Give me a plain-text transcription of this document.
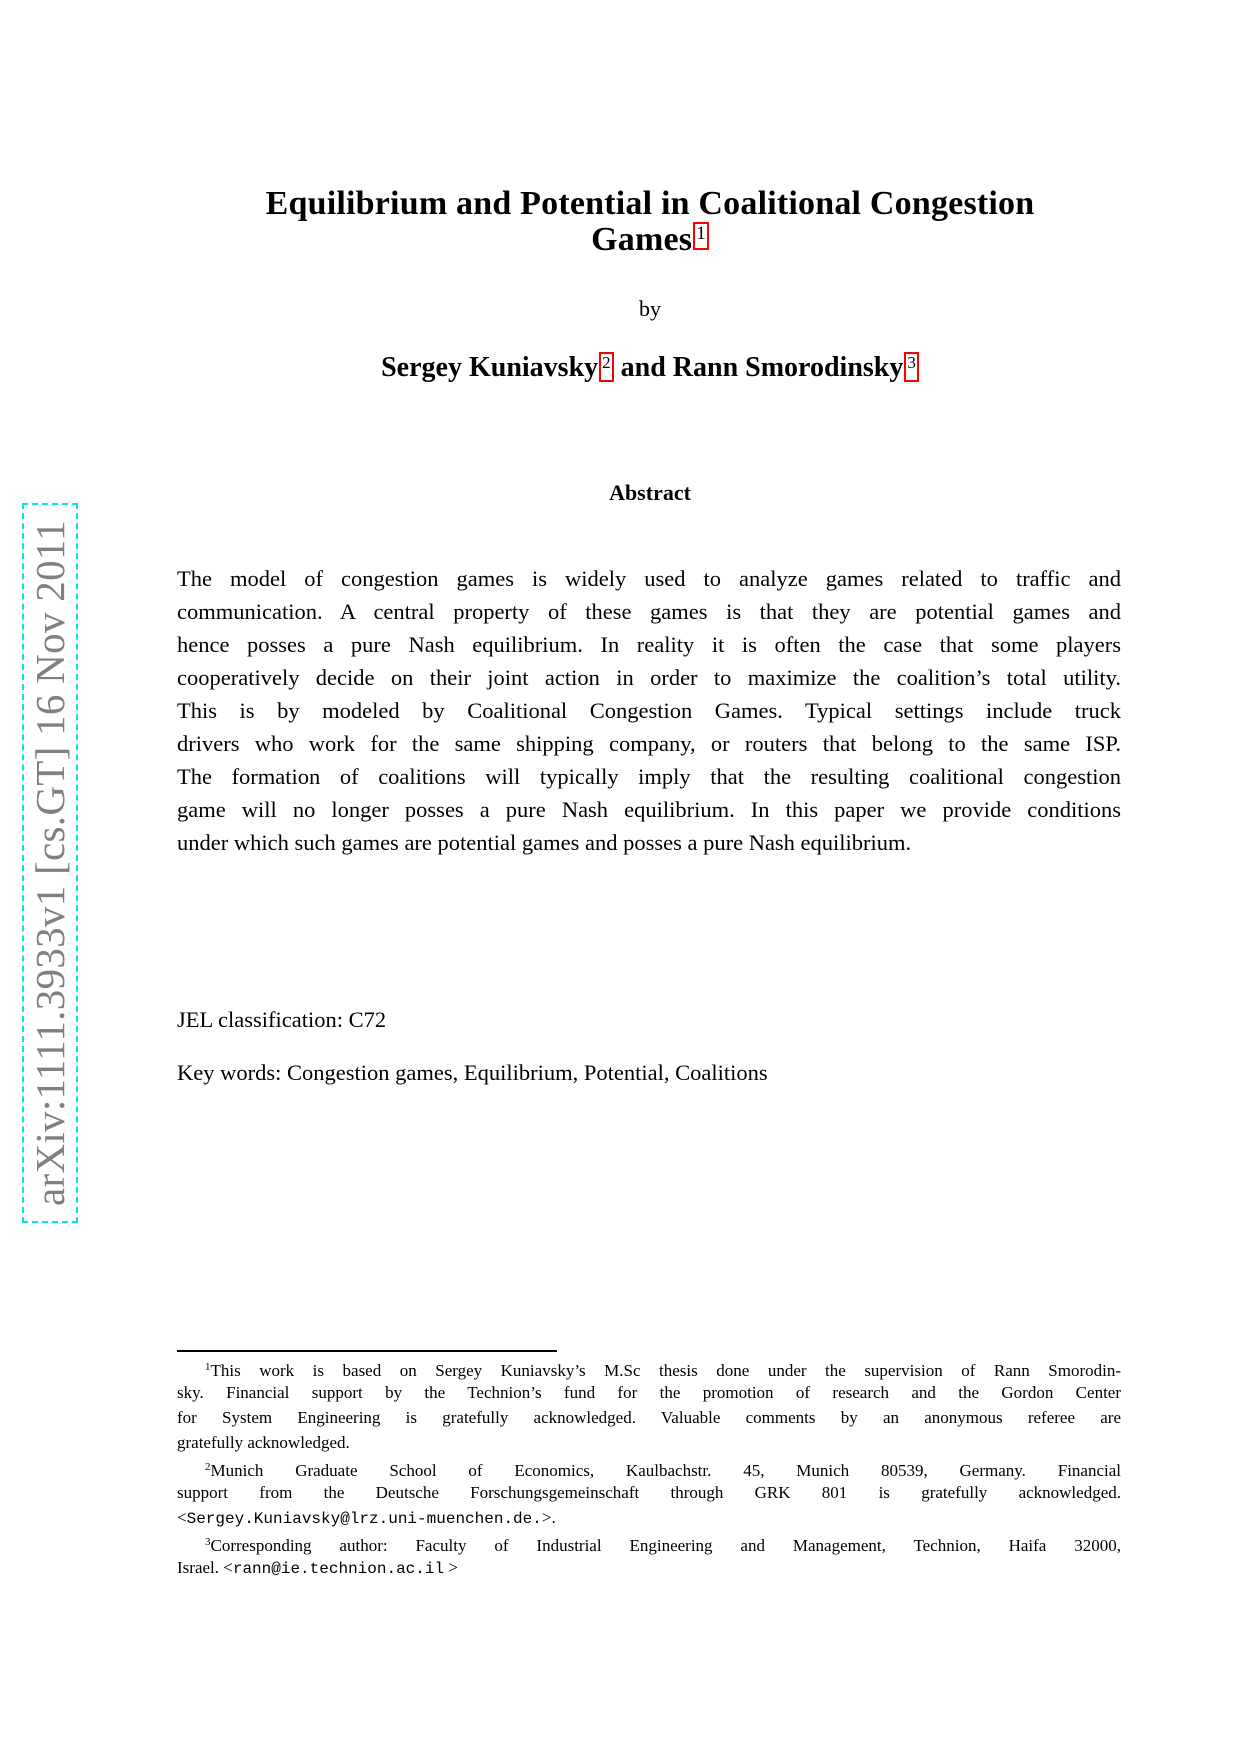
arXiv:1111.3933v1 [cs.GT] 16 Nov 2011
Equilibrium and Potential in Coalitional Congestion
Games 1
by
Sergey Kuniavsky 2 and Rann Smorodinsky 3
Abstract
The model of congestion games is widely used to analyze games related to traffic and
communication. A central property of these games is that they are potential games and
hence posses a pure Nash equilibrium. In reality it is often the case that some players
cooperatively decide on their joint action in order to maximize the coalition’s total utility.
This is by modeled by Coalitional Congestion Games. Typical settings include truck
drivers who work for the same shipping company, or routers that belong to the same ISP.
The formation of coalitions will typically imply that the resulting coalitional congestion
game will no longer posses a pure Nash equilibrium. In this paper we provide conditions
under which such games are potential games and posses a pure Nash equilibrium.
JEL classification: C72
Key words: Congestion games, Equilibrium, Potential, Coalitions
$^1$This work is based on Sergey Kuniavsky’s M.Sc thesis done under the supervision of Rann Smorodin-
sky. Financial support by the Technion’s fund for the promotion of research and the Gordon Center
for System Engineering is gratefully acknowledged. Valuable comments by an anonymous referee are
gratefully acknowledged.
$^2$Munich Graduate School of Economics, Kaulbachstr. 45, Munich 80539, Germany. Financial
support from the Deutsche Forschungsgemeinschaft through GRK 801 is gratefully acknowledged.
<Sergey.Kuniavsky@lrz.uni-muenchen.de.>.
$^3$Corresponding author: Faculty of Industrial Engineering and Management, Technion, Haifa 32000,
Israel. <rann@ie.technion.ac.il >
